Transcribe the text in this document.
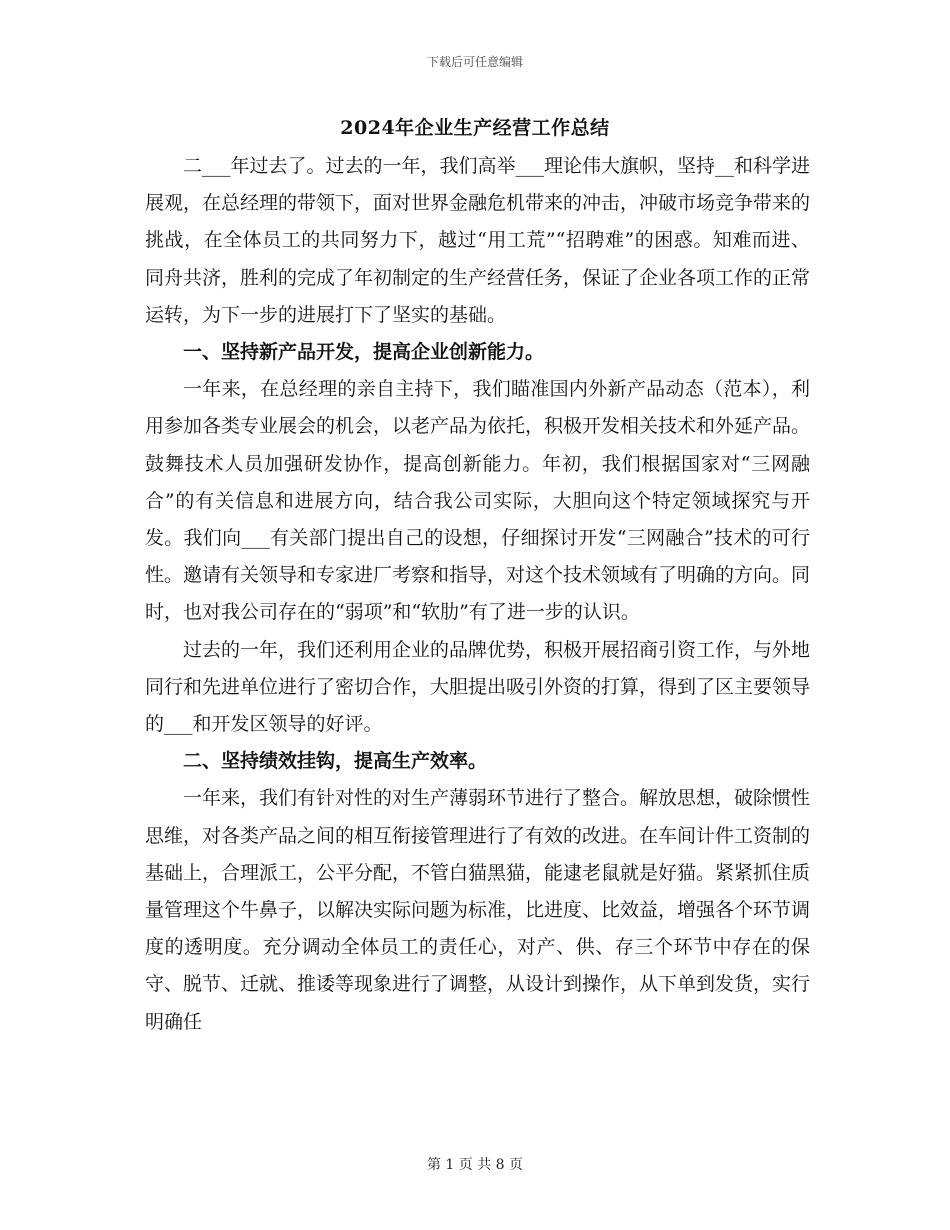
下载后可任意编辑
2024年企业生产经营工作总结

二___年过去了。过去的一年，我们高举___理论伟大旗帜，坚持__和科学进展观，在总经理的带领下，面对世界金融危机带来的冲击，冲破市场竞争带来的挑战，在全体员工的共同努力下，越过“用工荒”“招聘难”的困惑。知难而进、同舟共济，胜利的完成了年初制定的生产经营任务，保证了企业各项工作的正常运转，为下一步的进展打下了坚实的基础。

一、坚持新产品开发，提高企业创新能力。

一年来，在总经理的亲自主持下，我们瞄准国内外新产品动态（范本），利用参加各类专业展会的机会，以老产品为依托，积极开发相关技术和外延产品。鼓舞技术人员加强研发协作，提高创新能力。年初，我们根据国家对“三网融合”的有关信息和进展方向，结合我公司实际，大胆向这个特定领域探究与开发。我们向___有关部门提出自己的设想，仔细探讨开发“三网融合”技术的可行性。邀请有关领导和专家进厂考察和指导，对这个技术领域有了明确的方向。同时，也对我公司存在的“弱项”和“软肋”有了进一步的认识。

过去的一年，我们还利用企业的品牌优势，积极开展招商引资工作，与外地同行和先进单位进行了密切合作，大胆提出吸引外资的打算，得到了区主要领导的___和开发区领导的好评。

二、坚持绩效挂钩，提高生产效率。

一年来，我们有针对性的对生产薄弱环节进行了整合。解放思想，破除惯性思维，对各类产品之间的相互衔接管理进行了有效的改进。在车间计件工资制的基础上，合理派工，公平分配，不管白猫黑猫，能逮老鼠就是好猫。紧紧抓住质量管理这个牛鼻子，以解决实际问题为标准，比进度、比效益，增强各个环节调度的透明度。充分调动全体员工的责任心，对产、供、存三个环节中存在的保守、脱节、迁就、推诿等现象进行了调整，从设计到操作，从下单到发货，实行明确任

第 1 页 共 8 页
